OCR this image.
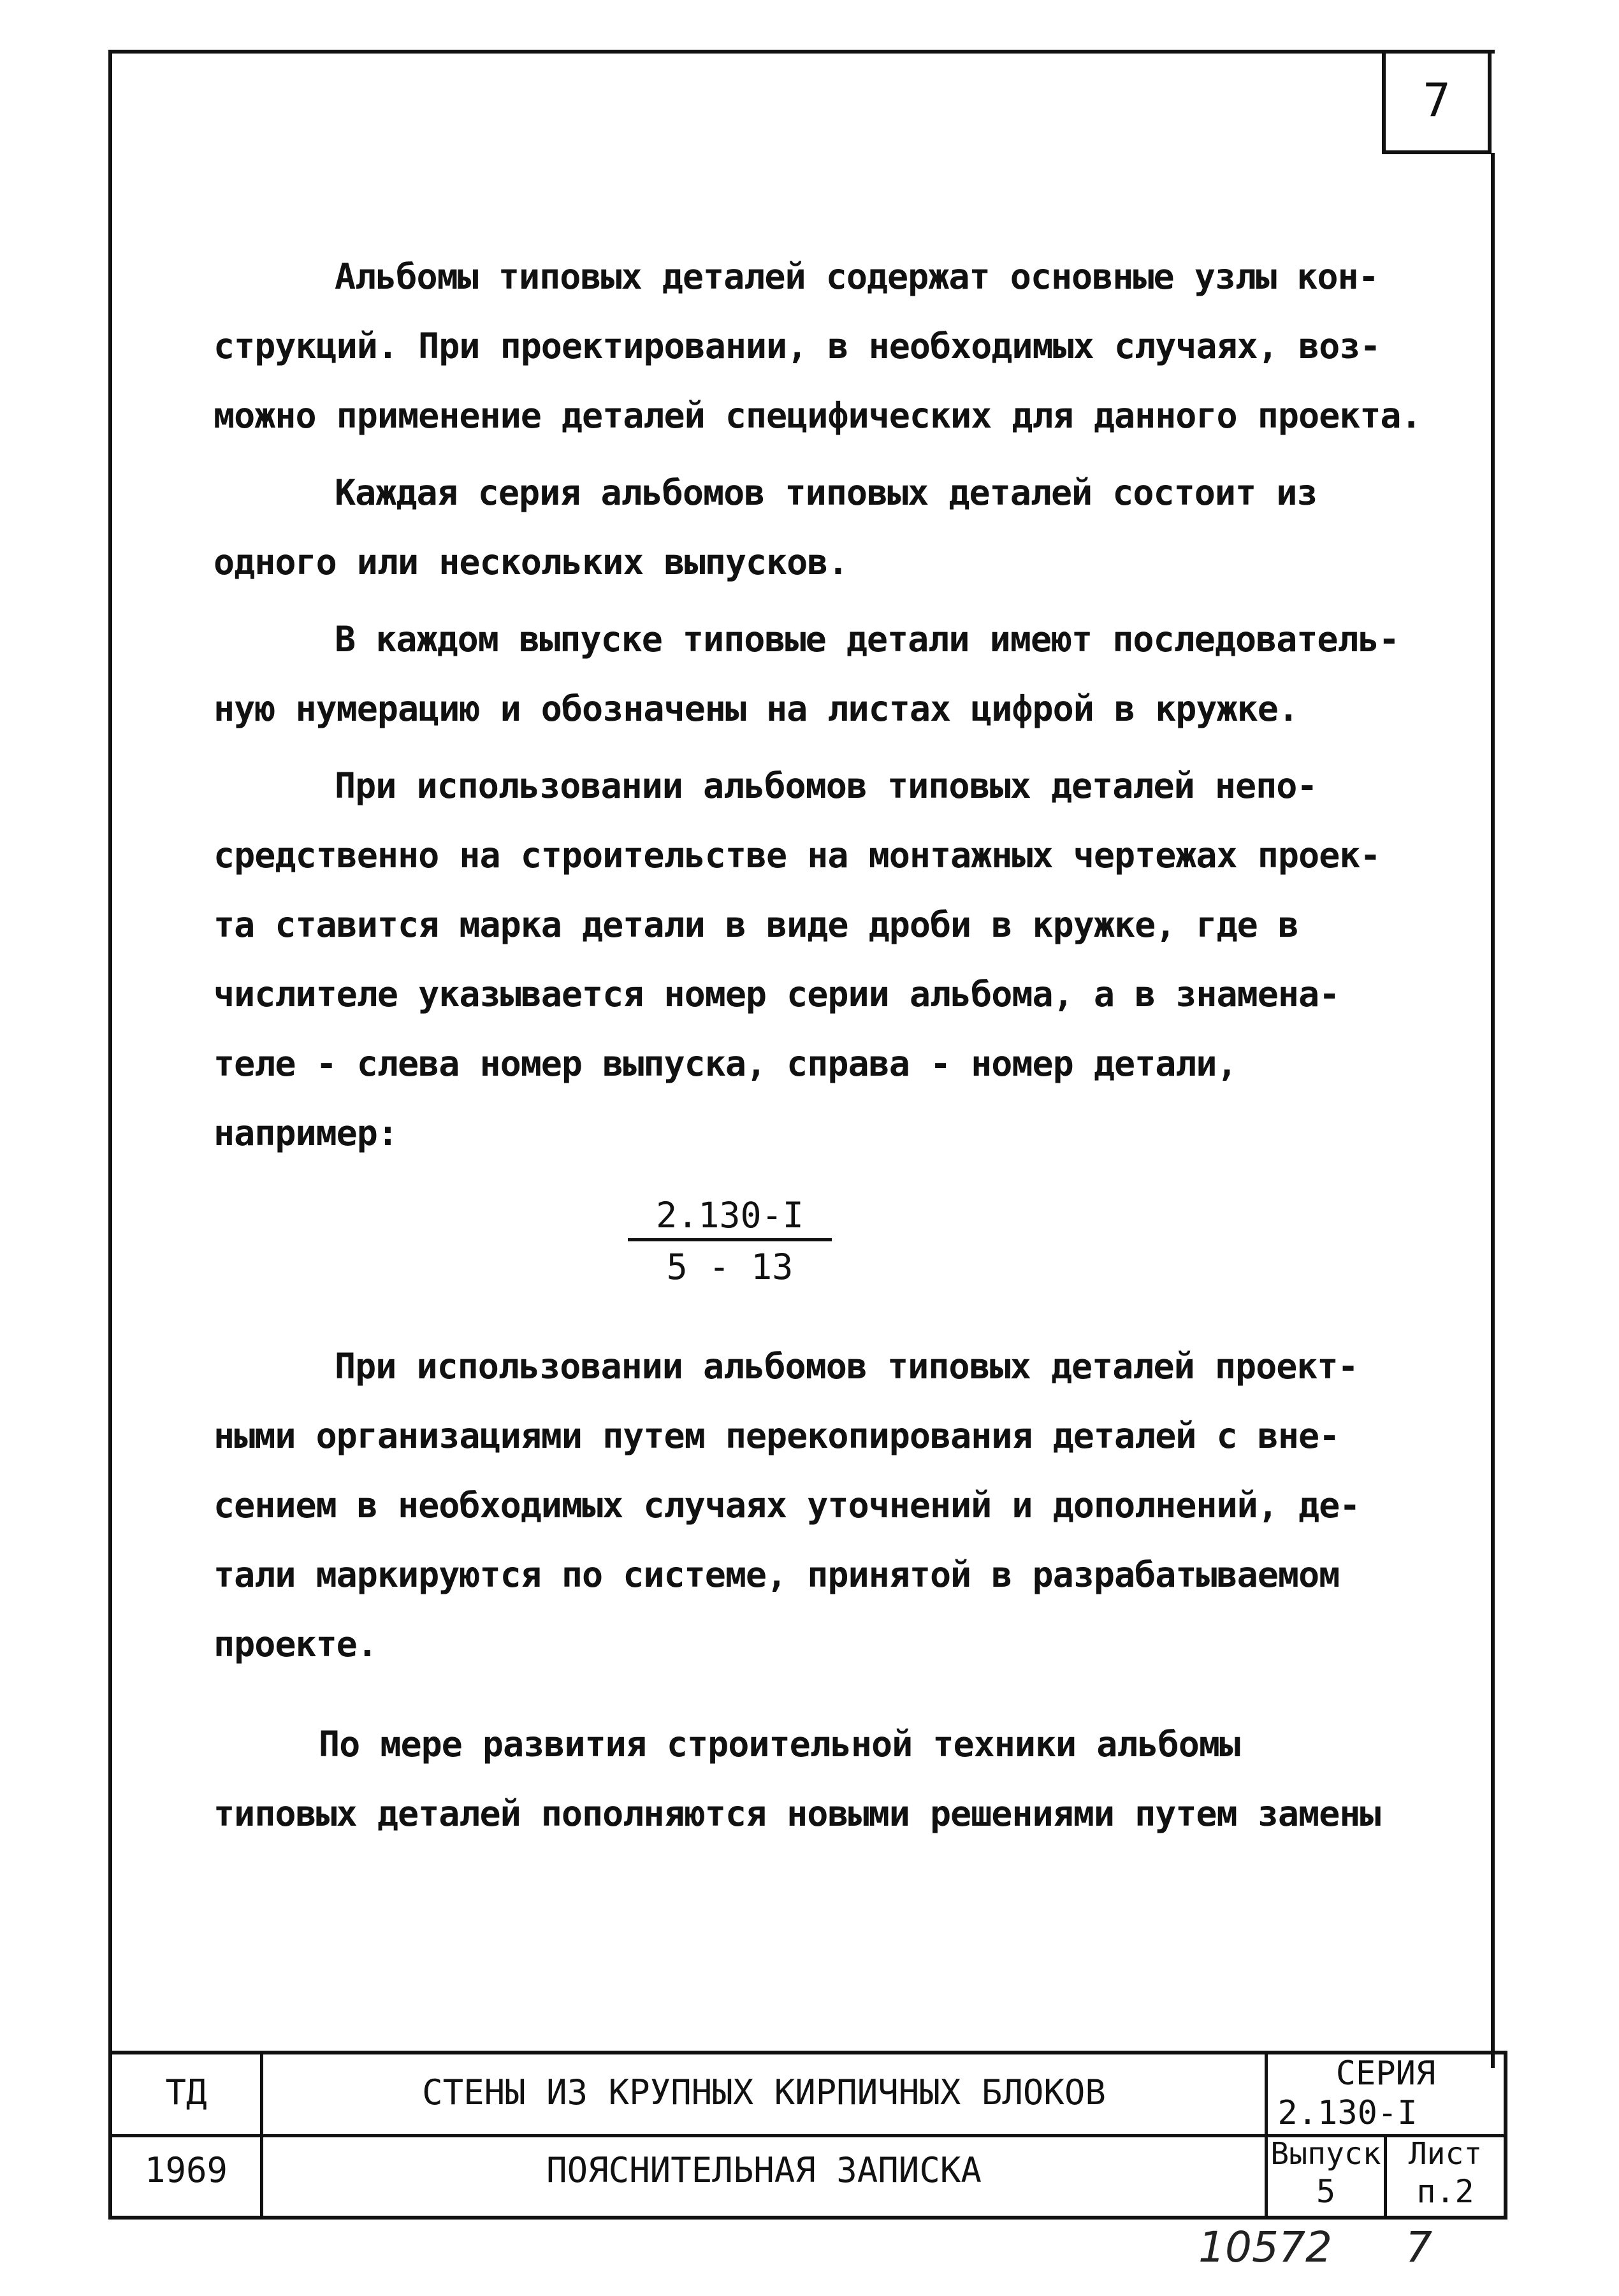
7

Альбомы типовых деталей содержат основные узлы кон-

струкций. При проектировании, в необходимых случаях, воз-

можно применение деталей специфических для данного проекта.

Каждая серия альбомов типовых деталей состоит из

одного или нескольких выпусков.

В каждом выпуске типовые детали имеют последователь-

ную нумерацию и обозначены на листах цифрой в кружке.

При использовании альбомов типовых деталей непо-

средственно на строительстве на монтажных чертежах проек-

та ставится марка детали в виде дроби в кружке, где в

числителе указывается номер серии альбома, а в знамена-

теле - слева номер выпуска, справа - номер детали,

например:

$\frac{2.130-I}{5 - 13}$

При использовании альбомов типовых деталей проект-

ными организациями путем перекопирования деталей с вне-

сением в необходимых случаях уточнений и дополнений, де-

тали маркируются по системе, принятой в разрабатываемом

проекте.

По мере развития строительной техники альбомы

типовых деталей пополняются новыми решениями путем замены

ТД
1969
СТЕНЫ ИЗ КРУПНЫХ КИРПИЧНЫХ БЛОКОВ
ПОЯСНИТЕЛЬНАЯ ЗАПИСКА
СЕРИЯ
2.130-I
Выпуск
5
Лист
п.2
10572 7
